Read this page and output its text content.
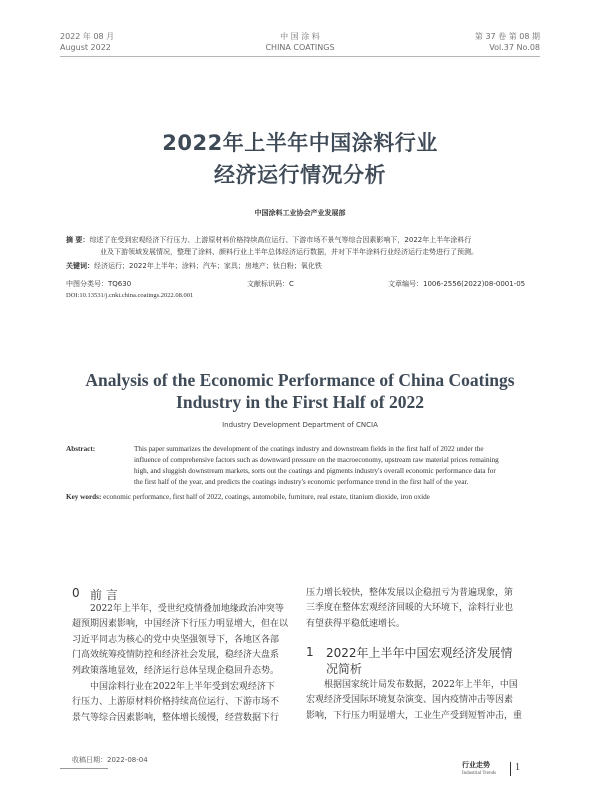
2022 年 08 月
August 2022
中 国 涂 料
CHINA COATINGS
第 37 卷 第 08 期
Vol.37 No.08
2022年上半年中国涂料行业
经济运行情况分析
中国涂料工业协会产业发展部
摘 要：综述了在受到宏观经济下行压力、上游原材料价格持续高位运行、下游市场不景气等综合因素影响下，2022年上半年涂料行
业及下游领域发展情况，整理了涂料、颜料行业上半年总体经济运行数据，并对下半年涂料行业经济运行走势进行了预测。
关键词：经济运行；2022年上半年；涂料；汽车；家具；房地产；钛白粉；氧化铁
中图分类号：TQ630	文献标识码：C	文章编号：1006-2556(2022)08-0001-05
DOI:10.13531/j.cnki.china.coatings.2022.08.001
Analysis of the Economic Performance of China Coatings
Industry in the First Half of 2022
Industry Development Department of CNCIA
Abstract:	This paper summarizes the development of the coatings industry and downstream fields in the first half of 2022 under the
influence of comprehensive factors such as downward pressure on the macroeconomy, upstream raw material prices remaining
high, and sluggish downstream markets, sorts out the coatings and pigments industry's overall economic performance data for
the first half of the year, and predicts the coatings industry's economic performance trend in the first half of the year.
Key words: economic performance, first half of 2022, coatings, automobile, furniture, real estate, titanium dioxide, iron oxide
0 前 言
2022年上半年，受世纪疫情叠加地缘政治冲突等
超预期因素影响，中国经济下行压力明显增大，但在以
习近平同志为核心的党中央坚强领导下，各地区各部
门高效统筹疫情防控和经济社会发展，稳经济大盘系
列政策落地显效，经济运行总体呈现企稳回升态势。
中国涂料行业在2022年上半年受到宏观经济下
行压力、上游原材料价格持续高位运行、下游市场不
景气等综合因素影响，整体增长缓慢，经营数据下行
压力增长较快，整体发展以企稳扭亏为普遍现象，第
三季度在整体宏观经济回暖的大环境下，涂料行业也
有望获得平稳低速增长。
1 2022年上半年中国宏观经济发展情
况简析
根据国家统计局发布数据，2022年上半年，中国
宏观经济受国际环境复杂演变、国内疫情冲击等因素
影响，下行压力明显增大，工业生产受到短暂冲击，重
收稿日期：2022-08-04
行业走势
Industrial Trends
1
